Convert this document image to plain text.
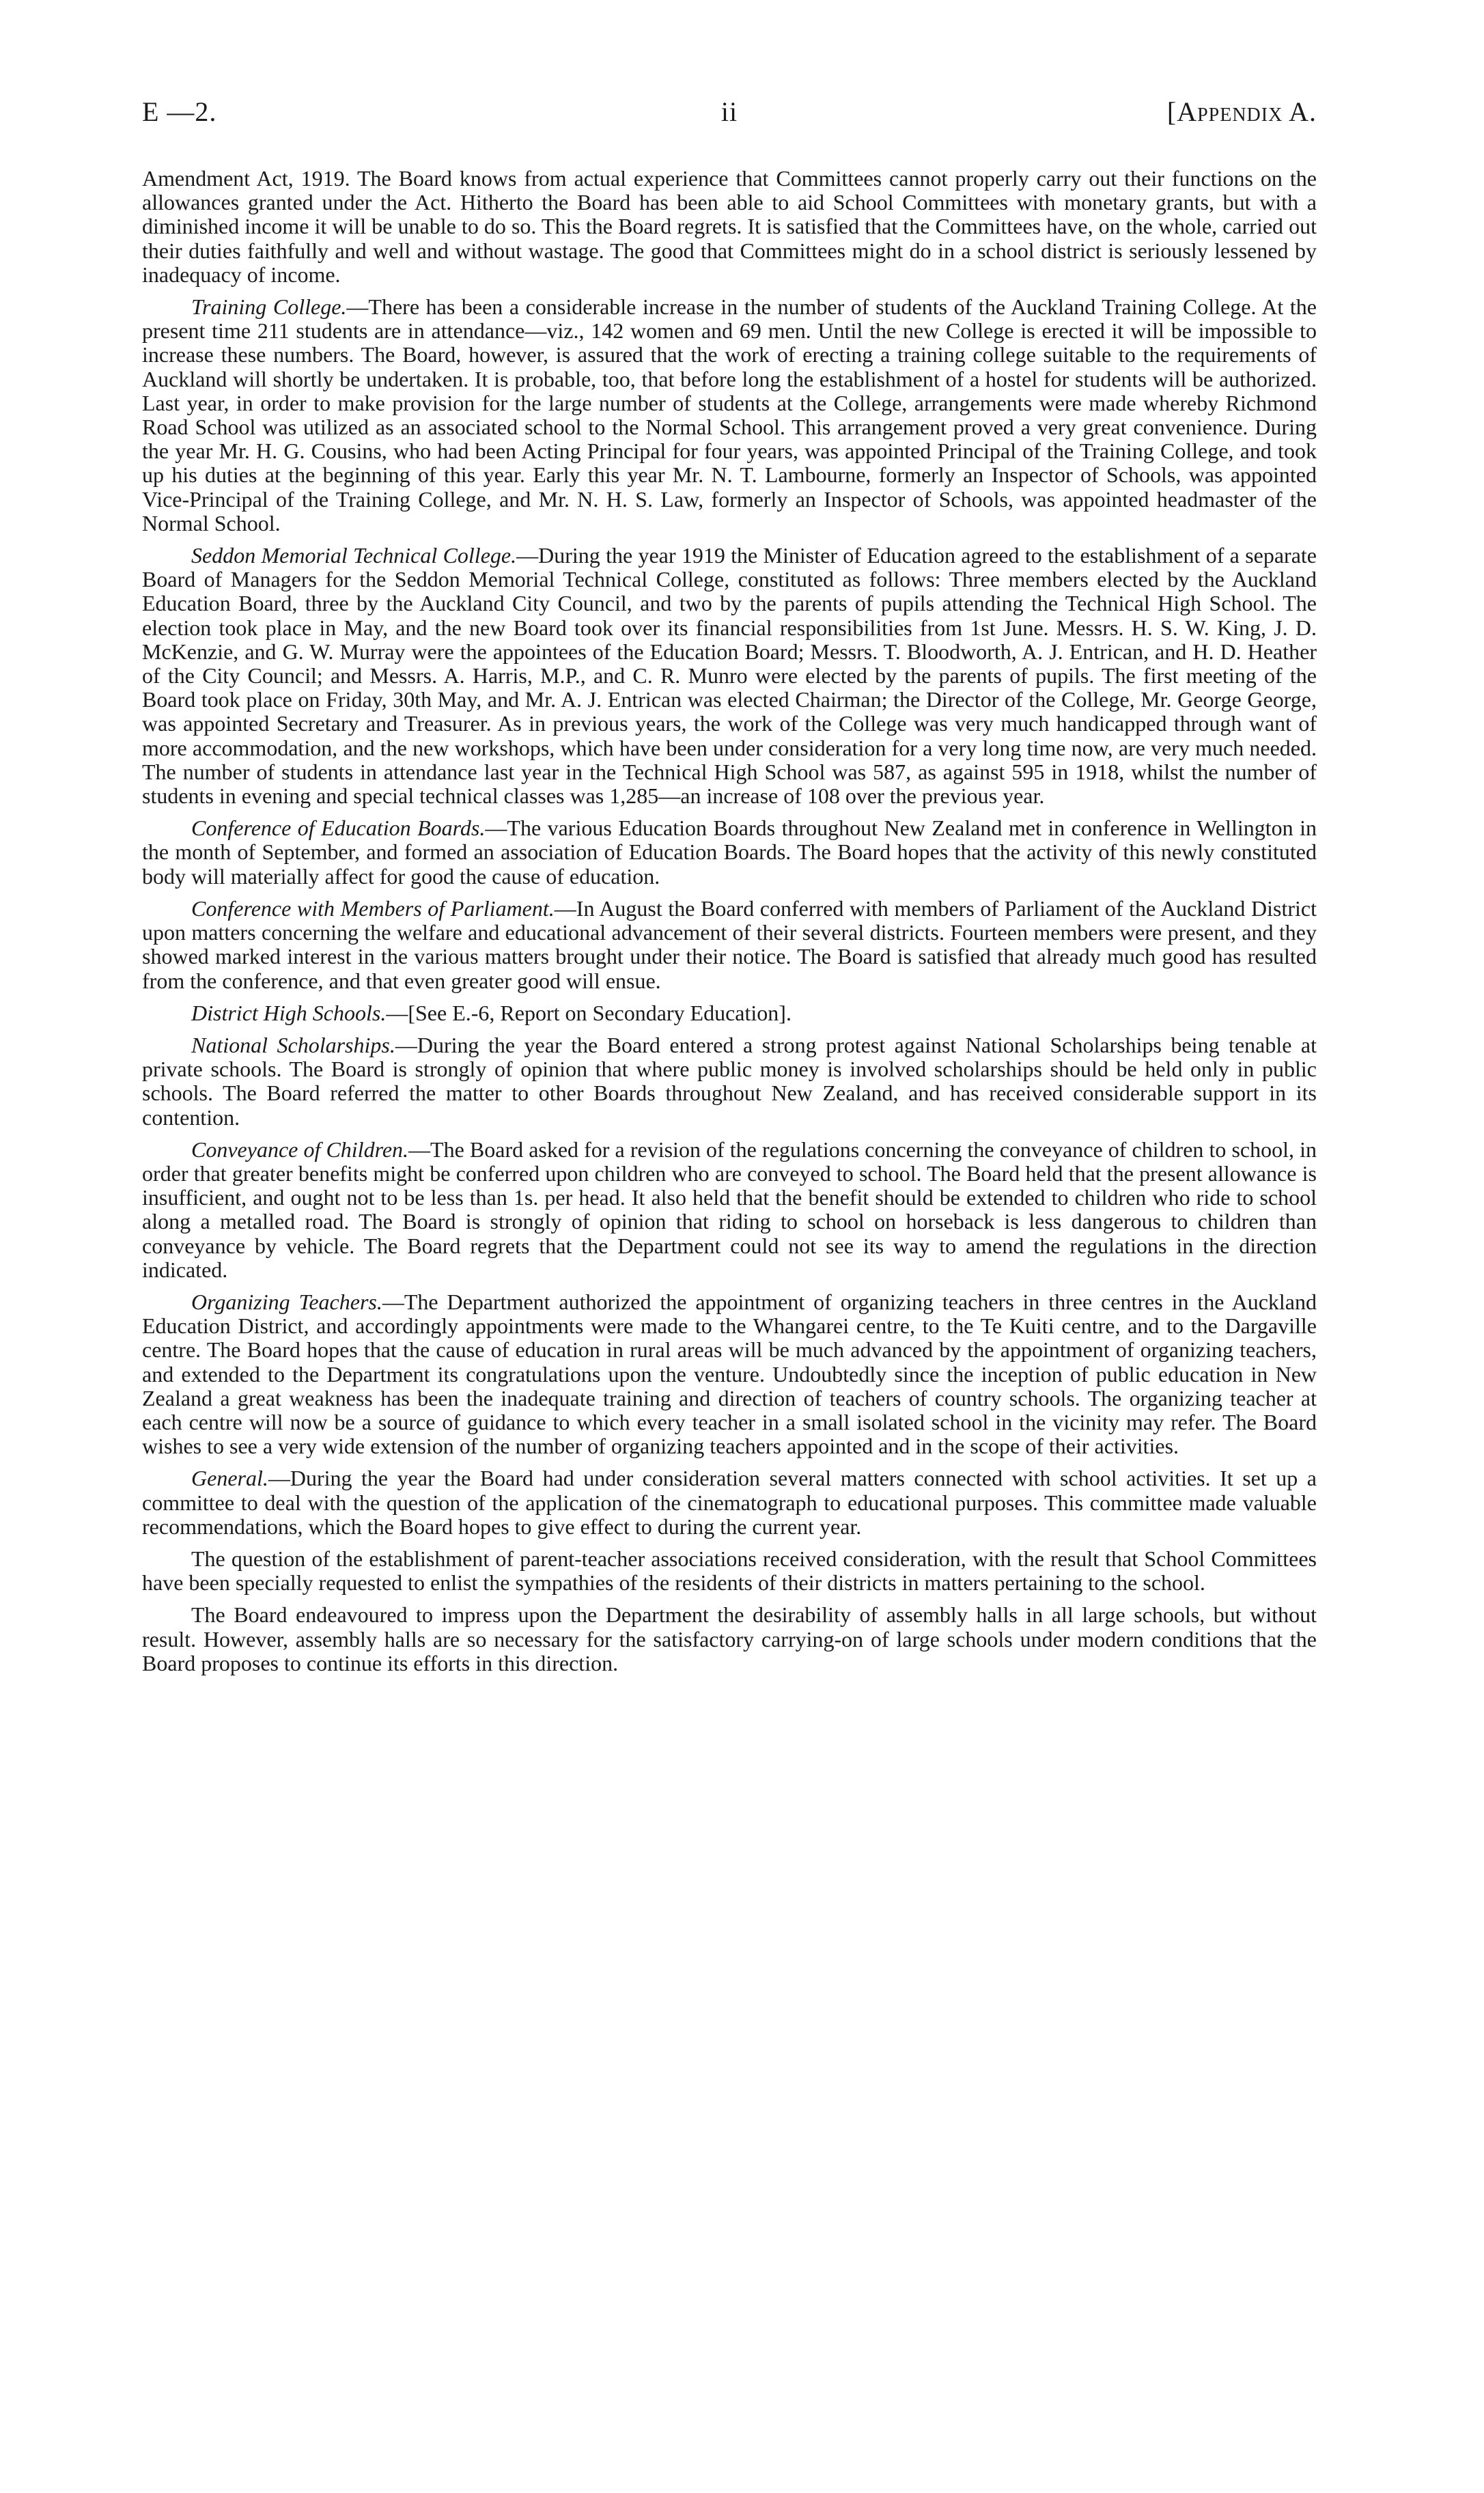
E —2.	ii	[Appendix A.

Amendment Act, 1919. The Board knows from actual experience that Committees cannot properly carry out their functions on the allowances granted under the Act. Hitherto the Board has been able to aid School Committees with monetary grants, but with a diminished income it will be unable to do so. This the Board regrets. It is satisfied that the Committees have, on the whole, carried out their duties faithfully and well and without wastage. The good that Committees might do in a school district is seriously lessened by inadequacy of income.

Training College.—There has been a considerable increase in the number of students of the Auckland Training College. At the present time 211 students are in attendance—viz., 142 women and 69 men. Until the new College is erected it will be impossible to increase these numbers. The Board, however, is assured that the work of erecting a training college suitable to the requirements of Auckland will shortly be undertaken. It is probable, too, that before long the establishment of a hostel for students will be authorized. Last year, in order to make provision for the large number of students at the College, arrangements were made whereby Richmond Road School was utilized as an associated school to the Normal School. This arrangement proved a very great convenience. During the year Mr. H. G. Cousins, who had been Acting Principal for four years, was appointed Principal of the Training College, and took up his duties at the beginning of this year. Early this year Mr. N. T. Lambourne, formerly an Inspector of Schools, was appointed Vice-Principal of the Training College, and Mr. N. H. S. Law, formerly an Inspector of Schools, was appointed headmaster of the Normal School.

Seddon Memorial Technical College.—During the year 1919 the Minister of Education agreed to the establishment of a separate Board of Managers for the Seddon Memorial Technical College, constituted as follows: Three members elected by the Auckland Education Board, three by the Auckland City Council, and two by the parents of pupils attending the Technical High School. The election took place in May, and the new Board took over its financial responsibilities from 1st June. Messrs. H. S. W. King, J. D. McKenzie, and G. W. Murray were the appointees of the Education Board; Messrs. T. Bloodworth, A. J. Entrican, and H. D. Heather of the City Council; and Messrs. A. Harris, M.P., and C. R. Munro were elected by the parents of pupils. The first meeting of the Board took place on Friday, 30th May, and Mr. A. J. Entrican was elected Chairman; the Director of the College, Mr. George George, was appointed Secretary and Treasurer. As in previous years, the work of the College was very much handicapped through want of more accommodation, and the new workshops, which have been under consideration for a very long time now, are very much needed. The number of students in attendance last year in the Technical High School was 587, as against 595 in 1918, whilst the number of students in evening and special technical classes was 1,285—an increase of 108 over the previous year.

Conference of Education Boards.—The various Education Boards throughout New Zealand met in conference in Wellington in the month of September, and formed an association of Education Boards. The Board hopes that the activity of this newly constituted body will materially affect for good the cause of education.

Conference with Members of Parliament.—In August the Board conferred with members of Parliament of the Auckland District upon matters concerning the welfare and educational advancement of their several districts. Fourteen members were present, and they showed marked interest in the various matters brought under their notice. The Board is satisfied that already much good has resulted from the conference, and that even greater good will ensue.

District High Schools.—[See E.-6, Report on Secondary Education].

National Scholarships.—During the year the Board entered a strong protest against National Scholarships being tenable at private schools. The Board is strongly of opinion that where public money is involved scholarships should be held only in public schools. The Board referred the matter to other Boards throughout New Zealand, and has received considerable support in its contention.

Conveyance of Children.—The Board asked for a revision of the regulations concerning the conveyance of children to school, in order that greater benefits might be conferred upon children who are conveyed to school. The Board held that the present allowance is insufficient, and ought not to be less than 1s. per head. It also held that the benefit should be extended to children who ride to school along a metalled road. The Board is strongly of opinion that riding to school on horseback is less dangerous to children than conveyance by vehicle. The Board regrets that the Department could not see its way to amend the regulations in the direction indicated.

Organizing Teachers.—The Department authorized the appointment of organizing teachers in three centres in the Auckland Education District, and accordingly appointments were made to the Whangarei centre, to the Te Kuiti centre, and to the Dargaville centre. The Board hopes that the cause of education in rural areas will be much advanced by the appointment of organizing teachers, and extended to the Department its congratulations upon the venture. Undoubtedly since the inception of public education in New Zealand a great weakness has been the inadequate training and direction of teachers of country schools. The organizing teacher at each centre will now be a source of guidance to which every teacher in a small isolated school in the vicinity may refer. The Board wishes to see a very wide extension of the number of organizing teachers appointed and in the scope of their activities.

General.—During the year the Board had under consideration several matters connected with school activities. It set up a committee to deal with the question of the application of the cinematograph to educational purposes. This committee made valuable recommendations, which the Board hopes to give effect to during the current year.

The question of the establishment of parent-teacher associations received consideration, with the result that School Committees have been specially requested to enlist the sympathies of the residents of their districts in matters pertaining to the school.

The Board endeavoured to impress upon the Department the desirability of assembly halls in all large schools, but without result. However, assembly halls are so necessary for the satisfactory carrying-on of large schools under modern conditions that the Board proposes to continue its efforts in this direction.
